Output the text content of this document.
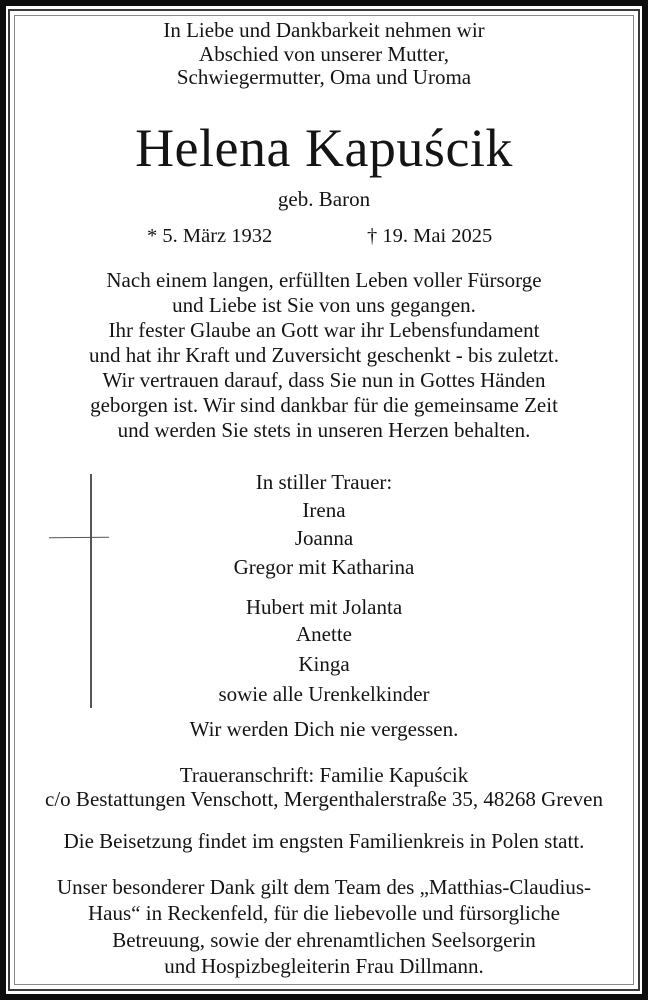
In Liebe und Dankbarkeit nehmen wir
Abschied von unserer Mutter,
Schwiegermutter, Oma und Uroma
Helena Kapuścik
geb. Baron
* 5. März 1932	† 19. Mai 2025
Nach einem langen, erfüllten Leben voller Fürsorge
und Liebe ist Sie von uns gegangen.
Ihr fester Glaube an Gott war ihr Lebensfundament
und hat ihr Kraft und Zuversicht geschenkt - bis zuletzt.
Wir vertrauen darauf, dass Sie nun in Gottes Händen
geborgen ist. Wir sind dankbar für die gemeinsame Zeit
und werden Sie stets in unseren Herzen behalten.
In stiller Trauer:
Irena
Joanna
Gregor mit Katharina
Hubert mit Jolanta
Anette
Kinga
sowie alle Urenkelkinder
Wir werden Dich nie vergessen.
Traueranschrift: Familie Kapuścik
c/o Bestattungen Venschott, Mergenthalerstraße 35, 48268 Greven
Die Beisetzung findet im engsten Familienkreis in Polen statt.
Unser besonderer Dank gilt dem Team des „Matthias-Claudius-
Haus“ in Reckenfeld, für die liebevolle und fürsorgliche
Betreuung, sowie der ehrenamtlichen Seelsorgerin
und Hospizbegleiterin Frau Dillmann.
